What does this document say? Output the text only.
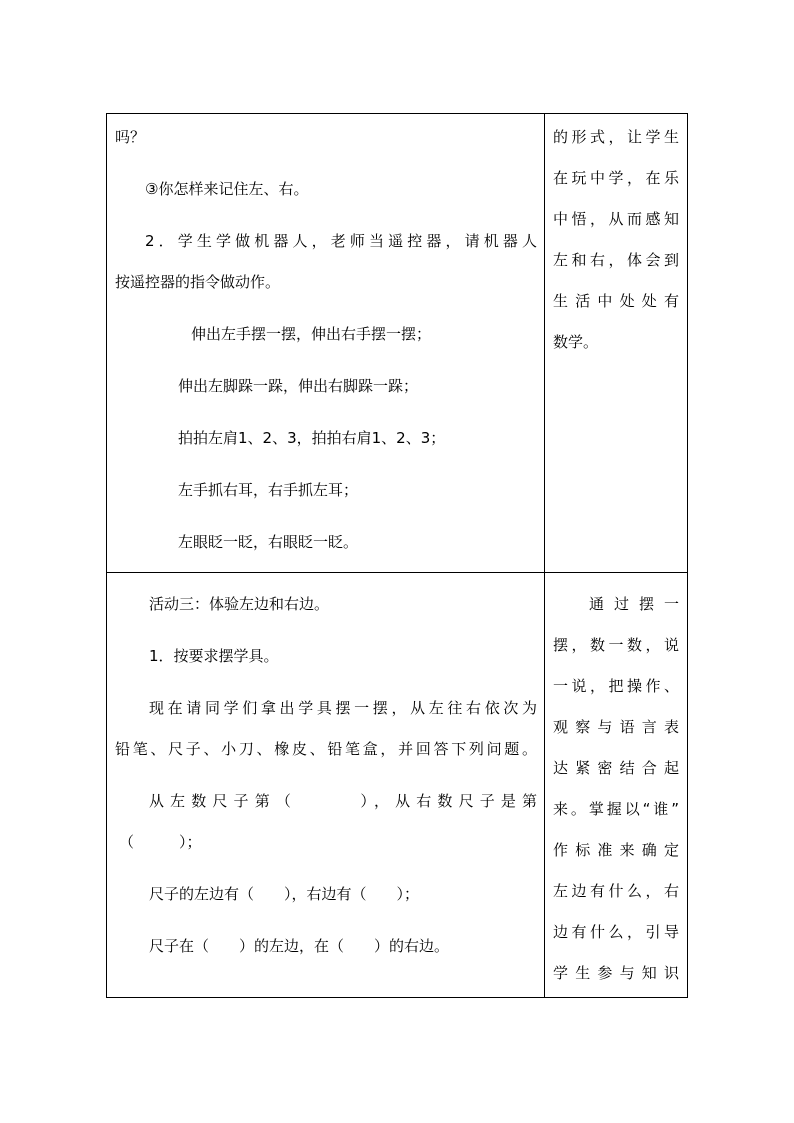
吗？
③你怎样来记住左、右。
2．学生学做机器人，老师当遥控器，请机器人
按遥控器的指令做动作。
伸出左手摆一摆，伸出右手摆一摆；
伸出左脚跺一跺，伸出右脚跺一跺；
拍拍左肩1、2、3，拍拍右肩1、2、3；
左手抓右耳，右手抓左耳；
左眼眨一眨，右眼眨一眨。
的形式，让学生
在玩中学，在乐
中悟，从而感知
左和右，体会到
生活中处处有
数学。
活动三：体验左边和右边。
1．按要求摆学具。
现在请同学们拿出学具摆一摆，从左往右依次为
铅笔、尺子、小刀、橡皮、铅笔盒，并回答下列问题。
从左数尺子第（　　　），从右数尺子是第
（　　　）；
尺子的左边有（　　），右边有（　　）；
尺子在（　　）的左边，在（　　）的右边。
通过摆一
摆，数一数，说
一说，把操作、
观察与语言表
达紧密结合起
来。掌握以“谁”
作标准来确定
左边有什么，右
边有什么，引导
学生参与知识
